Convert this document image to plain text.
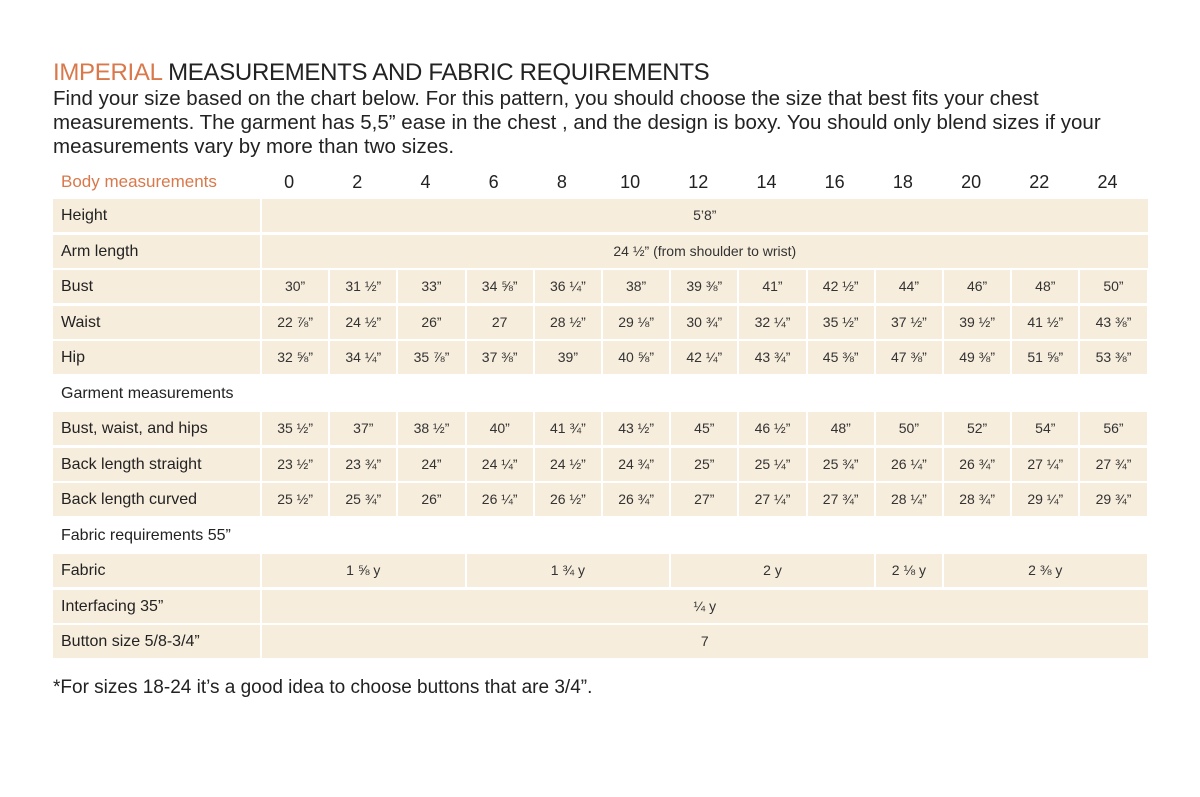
IMPERIAL MEASUREMENTS AND FABRIC REQUIREMENTS
Find your size based on the chart below. For this pattern, you should choose the size that best fits your chest
measurements. The garment has 5,5” ease in the chest , and the design is boxy. You should only blend sizes if your
measurements vary by more than two sizes.
Body measurements	0	2	4	6	8	10	12	14	16	18	20	22	24
Height	5’8”
Arm length	24 ½” (from shoulder to wrist)
Bust	30”	31 ½”	33”	34 ⅝”	36 ¼”	38”	39 ⅜”	41”	42 ½”	44”	46”	48”	50”
Waist	22 ⅞”	24 ½”	26”	27	28 ½”	29 ⅛”	30 ¾”	32 ¼”	35 ½”	37 ½”	39 ½”	41 ½”	43 ⅜”
Hip	32 ⅝”	34 ¼”	35 ⅞”	37 ⅜”	39”	40 ⅝”	42 ¼”	43 ¾”	45 ⅜”	47 ⅜”	49 ⅜”	51 ⅝”	53 ⅜”
Garment measurements
Bust, waist, and hips	35 ½”	37”	38 ½”	40”	41 ¾”	43 ½”	45”	46 ½”	48”	50”	52”	54”	56”
Back length straight	23 ½”	23 ¾”	24”	24 ¼”	24 ½”	24 ¾”	25”	25 ¼”	25 ¾”	26 ¼”	26 ¾”	27 ¼”	27 ¾”
Back length curved	25 ½”	25 ¾”	26”	26 ¼”	26 ½”	26 ¾”	27”	27 ¼”	27 ¾”	28 ¼”	28 ¾”	29 ¼”	29 ¾”
Fabric requirements 55”
Fabric	1 ⅝ y	1 ¾ y	2 y	2 ⅛ y	2 ⅜ y
Interfacing 35”	¼ y
Button size 5/8-3/4”	7
*For sizes 18-24 it’s a good idea to choose buttons that are 3/4”.
